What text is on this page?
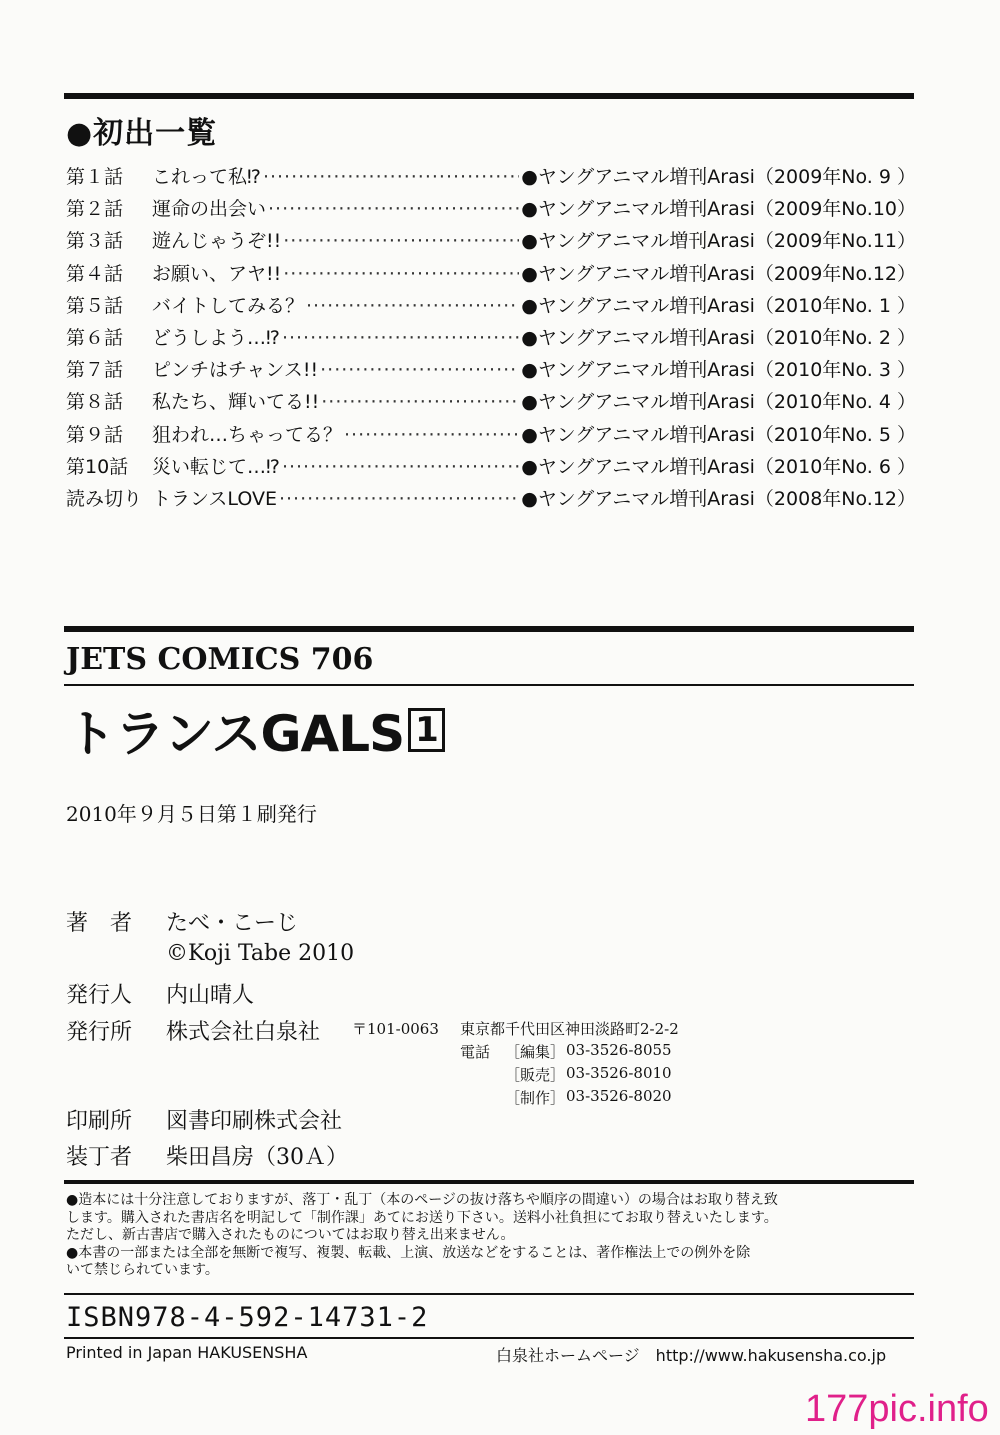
●初出一覧
第１話	これって私⁉ ·····	●ヤングアニマル増刊Arasi（2009年No. 9 ）
第２話	運命の出会い ·····	●ヤングアニマル増刊Arasi（2009年No.10）
第３話	遊んじゃうぞ!! ·····	●ヤングアニマル増刊Arasi（2009年No.11）
第４話	お願い、アヤ!! ·····	●ヤングアニマル増刊Arasi（2009年No.12）
第５話	バイトしてみる？ ·····	●ヤングアニマル増刊Arasi（2010年No. 1 ）
第６話	どうしよう…⁉ ·····	●ヤングアニマル増刊Arasi（2010年No. 2 ）
第７話	ピンチはチャンス!! ·····	●ヤングアニマル増刊Arasi（2010年No. 3 ）
第８話	私たち、輝いてる!! ·····	●ヤングアニマル増刊Arasi（2010年No. 4 ）
第９話	狙われ…ちゃってる？ ·····	●ヤングアニマル増刊Arasi（2010年No. 5 ）
第10話	災い転じて…⁉ ·····	●ヤングアニマル増刊Arasi（2010年No. 6 ）
読み切り トランスLOVE ·····	●ヤングアニマル増刊Arasi（2008年No.12）
JETS COMICS 706
トランスGALS 1
2010年９月５日第１刷発行
著　者 たべ・こーじ
©Koji Tabe 2010
発行人 内山晴人
発行所 株式会社白泉社 〒101-0063 東京都千代田区神田淡路町2-2-2
電話 ［編集］ 03-3526-8055
［販売］ 03-3526-8010
［制作］ 03-3526-8020
印刷所 図書印刷株式会社
装丁者 柴田昌房（30Ａ）

●造本には十分注意しておりますが、落丁・乱丁（本のページの抜け落ちや順序の間違い）の場合はお取り替え致

します。購入された書店名を明記して「制作課」あてにお送り下さい。送料小社負担にてお取り替えいたします。

ただし、新古書店で購入されたものについてはお取り替え出来ません。

●本書の一部または全部を無断で複写、複製、転載、上演、放送などをすることは、著作権法上での例外を除

いて禁じられています。

ISBN978-4-592-14731-2
Printed in Japan HAKUSENSHA	白泉社ホームページ　http://www.hakusensha.co.jp
177pic.info
